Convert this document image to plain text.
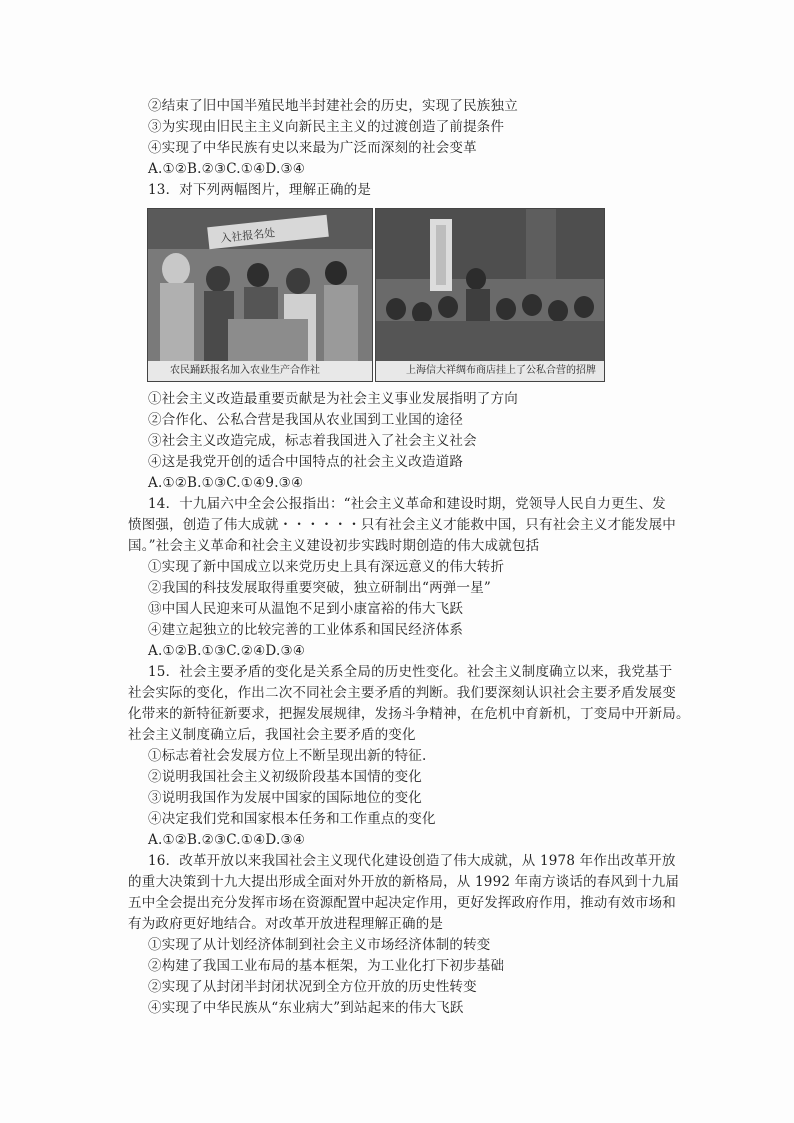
②结束了旧中国半殖民地半封建社会的历史，实现了民族独立
③为实现由旧民主主义向新民主主义的过渡创造了前提条件
④实现了中华民族有史以来最为广泛而深刻的社会变革
A.①②B.②③C.①④D.③④
13．对下列两幅图片，理解正确的是
入社报名处
农民踊跃报名加入农业生产合作社	上海信大祥绸布商店挂上了公私合营的招牌
①社会主义改造最重要贡献是为社会主义事业发展指明了方向
②合作化、公私合营是我国从农业国到工业国的途径
③社会主义改造完成，标志着我国进入了社会主义社会
④这是我党开创的适合中国特点的社会主义改造道路
A.①②B.①③C.①④9.③④
14．十九届六中全会公报指出：“社会主义革命和建设时期，党领导人民自力更生、发
愤图强，创造了伟大成就・・・・・・只有社会主义才能救中国，只有社会主义才能发展中
国。”社会主义革命和社会主义建设初步实践时期创造的伟大成就包括
①实现了新中国成立以来党历史上具有深远意义的伟大转折
②我国的科技发展取得重要突破，独立研制出“两弹一星”
⑬中国人民迎来可从温饱不足到小康富裕的伟大飞跃
④建立起独立的比较完善的工业体系和国民经济体系
A.①②B.①③C.②④D.③④
15．社会主要矛盾的变化是关系全局的历史性变化。社会主义制度确立以来，我党基于
社会实际的变化，作出二次不同社会主要矛盾的判断。我们要深刻认识社会主要矛盾发展变
化带来的新特征新要求，把握发展规律，发扬斗争精神，在危机中育新机，丁变局中开新局。
社会主义制度确立后，我国社会主要矛盾的变化
①标志着社会发展方位上不断呈现出新的特征.
②说明我国社会主义初级阶段基本国情的变化
③说明我国作为发展中国家的国际地位的变化
④决定我们党和国家根本任务和工作重点的变化
A.①②B.②③C.①④D.③④
16．改革开放以来我国社会主义现代化建设创造了伟大成就，从 1978 年作出改革开放
的重大决策到十九大提出形成全面对外开放的新格局，从 1992 年南方谈话的春风到十九届
五中全会提出充分发挥市场在资源配置中起决定作用，更好发挥政府作用，推动有效市场和
有为政府更好地结合。对改革开放进程理解正确的是
①实现了从计划经济体制到社会主义市场经济体制的转变
②构建了我国工业布局的基本框架，为工业化打下初步基础
②实现了从封闭半封闭状况到全方位开放的历史性转变
④实现了中华民族从“东业病大”到站起来的伟大飞跃
